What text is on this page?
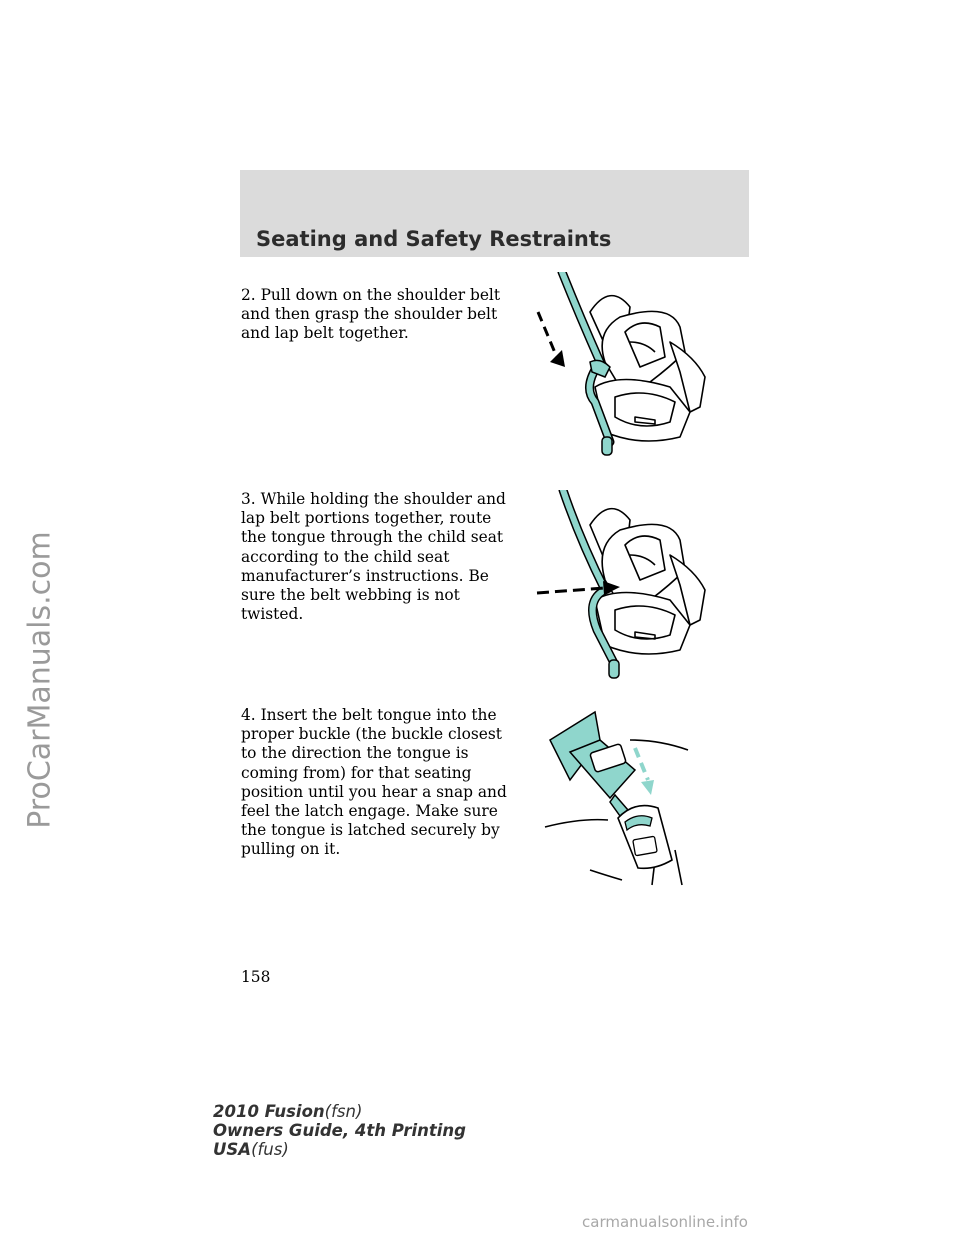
ProCarManuals.com
Seating and Safety Restraints
2. Pull down on the shoulder belt and then grasp the shoulder belt and lap belt together.
3. While holding the shoulder and lap belt portions together, route the tongue through the child seat according to the child seat manufacturer’s instructions. Be sure the belt webbing is not twisted.
4. Insert the belt tongue into the proper buckle (the buckle closest to the direction the tongue is coming from) for that seating position until you hear a snap and feel the latch engage. Make sure the tongue is latched securely by pulling on it.
158
2010 Fusion(fsn)
Owners Guide, 4th Printing
USA(fus)
carmanualsonline.info
